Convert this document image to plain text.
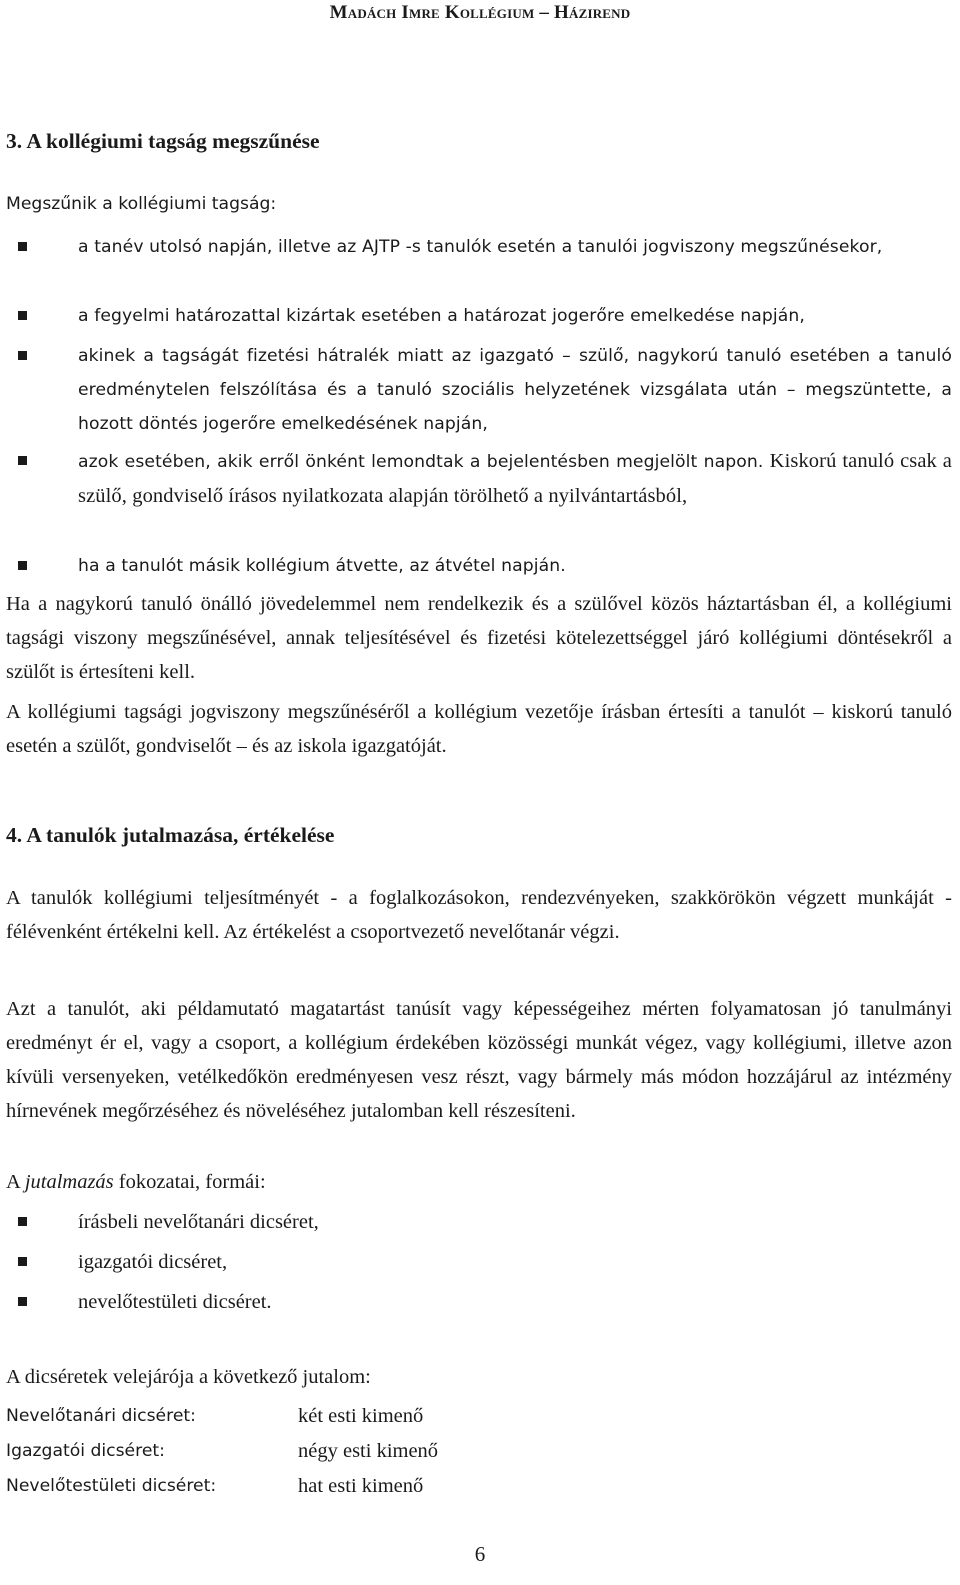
Madách Imre Kollégium – Házirend
3. A kollégiumi tagság megszűnése

Megszűnik a kollégiumi tagság:

a tanév utolsó napján, illetve az AJTP -s tanulók esetén a tanulói jogviszony megszűnésekor,
a fegyelmi határozattal kizártak esetében a határozat jogerőre emelkedése napján,
akinek a tagságát fizetési hátralék miatt az igazgató – szülő, nagykorú tanuló esetében a tanuló eredménytelen felszólítása és a tanuló szociális helyzetének vizsgálata után – megszüntette, a hozott döntés jogerőre emelkedésének napján,
azok esetében, akik erről önként lemondtak a bejelentésben megjelölt napon. Kiskorú tanuló csak a szülő, gondviselő írásos nyilatkozata alapján törölhető a nyilvántartásból,
ha a tanulót másik kollégium átvette, az átvétel napján.

Ha a nagykorú tanuló önálló jövedelemmel nem rendelkezik és a szülővel közös háztartásban él, a kollégiumi tagsági viszony megszűnésével, annak teljesítésével és fizetési kötelezettséggel járó kollégiumi döntésekről a szülőt is értesíteni kell.

A kollégiumi tagsági jogviszony megszűnéséről a kollégium vezetője írásban értesíti a tanulót – kiskorú tanuló esetén a szülőt, gondviselőt – és az iskola igazgatóját.

4. A tanulók jutalmazása, értékelése

A tanulók kollégiumi teljesítményét - a foglalkozásokon, rendezvényeken, szakkörökön végzett munkáját - félévenként értékelni kell. Az értékelést a csoportvezető nevelőtanár végzi.

Azt a tanulót, aki példamutató magatartást tanúsít vagy képességeihez mérten folyamatosan jó tanulmányi eredményt ér el, vagy a csoport, a kollégium érdekében közösségi munkát végez, vagy kollégiumi, illetve azon kívüli versenyeken, vetélkedőkön eredményesen vesz részt, vagy bármely más módon hozzájárul az intézmény hírnevének megőrzéséhez és növeléséhez jutalomban kell részesíteni.

A jutalmazás fokozatai, formái:

írásbeli nevelőtanári dicséret,
igazgatói dicséret,
nevelőtestületi dicséret.

A dicséretek velejárója a következő jutalom:

Nevelőtanári dicséret:	két esti kimenő
Igazgatói dicséret:	négy esti kimenő
Nevelőtestületi dicséret:	hat esti kimenő
6
